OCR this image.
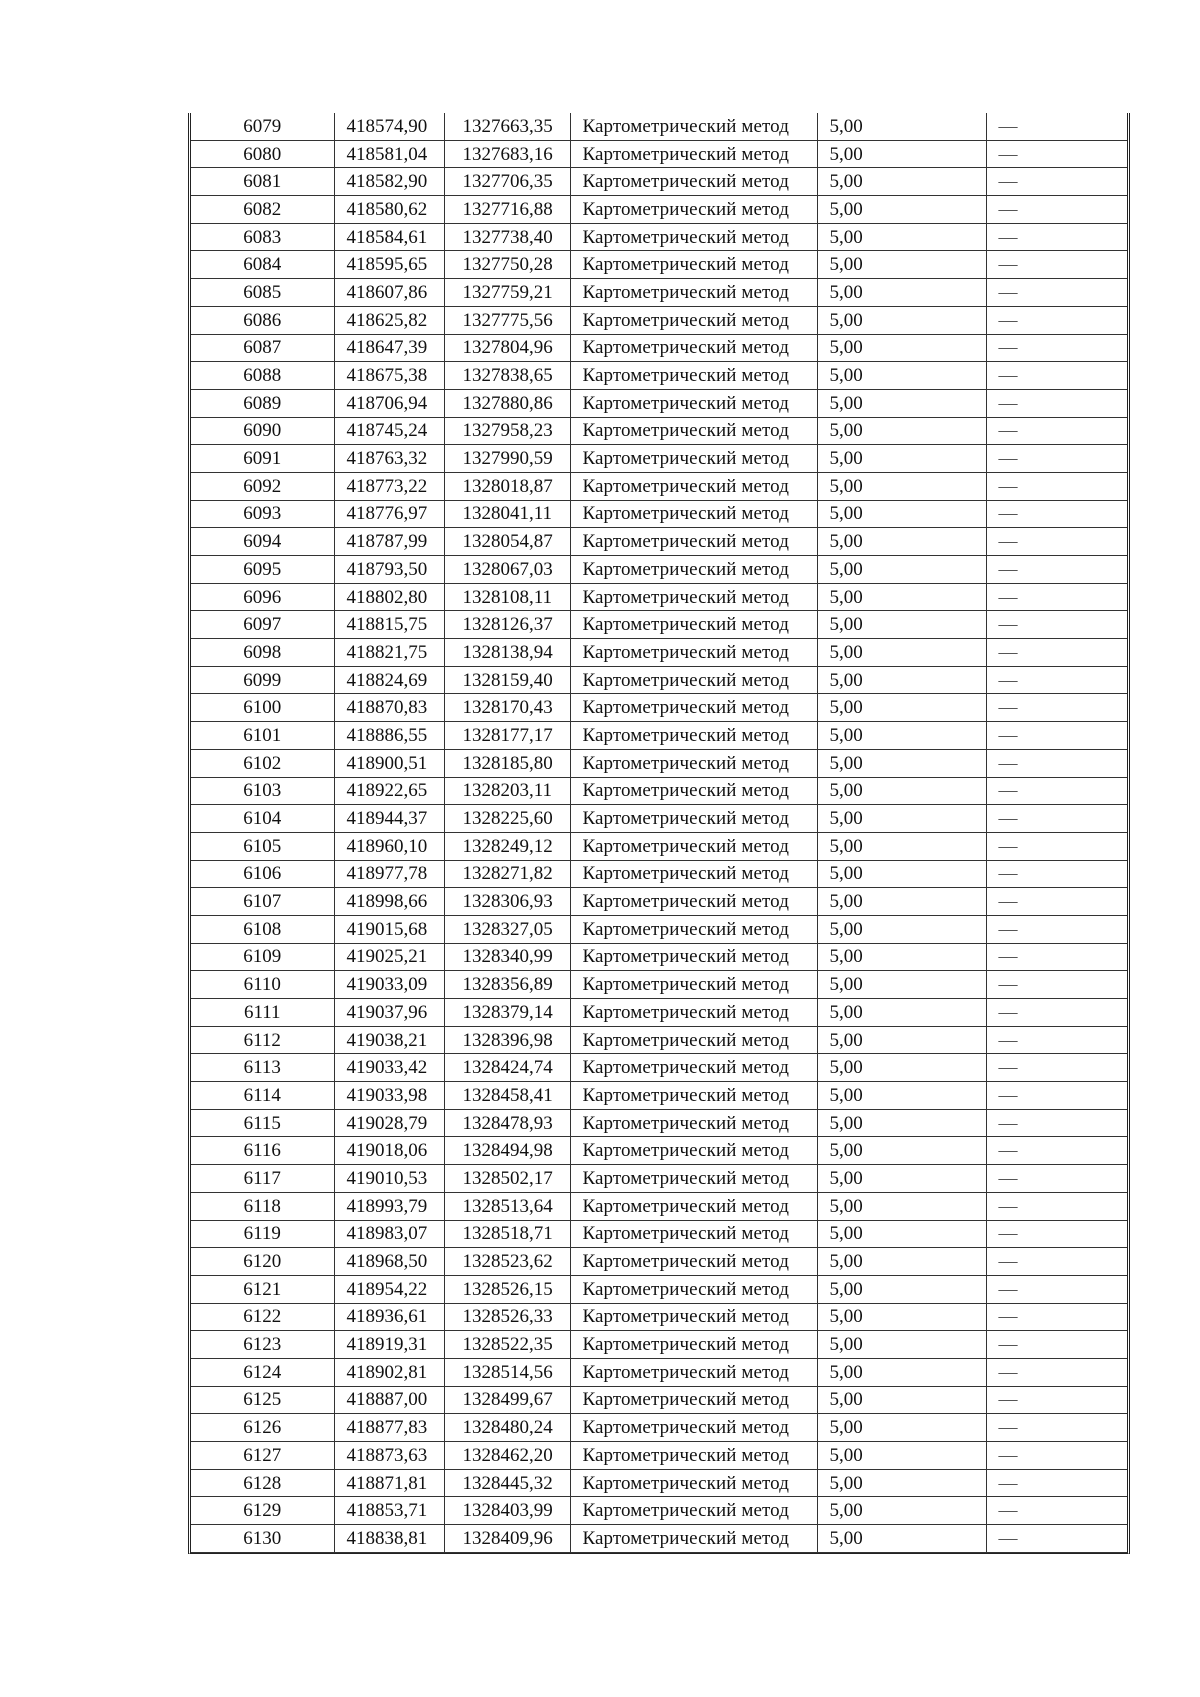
6079	418574,90	1327663,35	Картометрический метод	5,00	—
6080	418581,04	1327683,16	Картометрический метод	5,00	—
6081	418582,90	1327706,35	Картометрический метод	5,00	—
6082	418580,62	1327716,88	Картометрический метод	5,00	—
6083	418584,61	1327738,40	Картометрический метод	5,00	—
6084	418595,65	1327750,28	Картометрический метод	5,00	—
6085	418607,86	1327759,21	Картометрический метод	5,00	—
6086	418625,82	1327775,56	Картометрический метод	5,00	—
6087	418647,39	1327804,96	Картометрический метод	5,00	—
6088	418675,38	1327838,65	Картометрический метод	5,00	—
6089	418706,94	1327880,86	Картометрический метод	5,00	—
6090	418745,24	1327958,23	Картометрический метод	5,00	—
6091	418763,32	1327990,59	Картометрический метод	5,00	—
6092	418773,22	1328018,87	Картометрический метод	5,00	—
6093	418776,97	1328041,11	Картометрический метод	5,00	—
6094	418787,99	1328054,87	Картометрический метод	5,00	—
6095	418793,50	1328067,03	Картометрический метод	5,00	—
6096	418802,80	1328108,11	Картометрический метод	5,00	—
6097	418815,75	1328126,37	Картометрический метод	5,00	—
6098	418821,75	1328138,94	Картометрический метод	5,00	—
6099	418824,69	1328159,40	Картометрический метод	5,00	—
6100	418870,83	1328170,43	Картометрический метод	5,00	—
6101	418886,55	1328177,17	Картометрический метод	5,00	—
6102	418900,51	1328185,80	Картометрический метод	5,00	—
6103	418922,65	1328203,11	Картометрический метод	5,00	—
6104	418944,37	1328225,60	Картометрический метод	5,00	—
6105	418960,10	1328249,12	Картометрический метод	5,00	—
6106	418977,78	1328271,82	Картометрический метод	5,00	—
6107	418998,66	1328306,93	Картометрический метод	5,00	—
6108	419015,68	1328327,05	Картометрический метод	5,00	—
6109	419025,21	1328340,99	Картометрический метод	5,00	—
6110	419033,09	1328356,89	Картометрический метод	5,00	—
6111	419037,96	1328379,14	Картометрический метод	5,00	—
6112	419038,21	1328396,98	Картометрический метод	5,00	—
6113	419033,42	1328424,74	Картометрический метод	5,00	—
6114	419033,98	1328458,41	Картометрический метод	5,00	—
6115	419028,79	1328478,93	Картометрический метод	5,00	—
6116	419018,06	1328494,98	Картометрический метод	5,00	—
6117	419010,53	1328502,17	Картометрический метод	5,00	—
6118	418993,79	1328513,64	Картометрический метод	5,00	—
6119	418983,07	1328518,71	Картометрический метод	5,00	—
6120	418968,50	1328523,62	Картометрический метод	5,00	—
6121	418954,22	1328526,15	Картометрический метод	5,00	—
6122	418936,61	1328526,33	Картометрический метод	5,00	—
6123	418919,31	1328522,35	Картометрический метод	5,00	—
6124	418902,81	1328514,56	Картометрический метод	5,00	—
6125	418887,00	1328499,67	Картометрический метод	5,00	—
6126	418877,83	1328480,24	Картометрический метод	5,00	—
6127	418873,63	1328462,20	Картометрический метод	5,00	—
6128	418871,81	1328445,32	Картометрический метод	5,00	—
6129	418853,71	1328403,99	Картометрический метод	5,00	—
6130	418838,81	1328409,96	Картометрический метод	5,00	—
